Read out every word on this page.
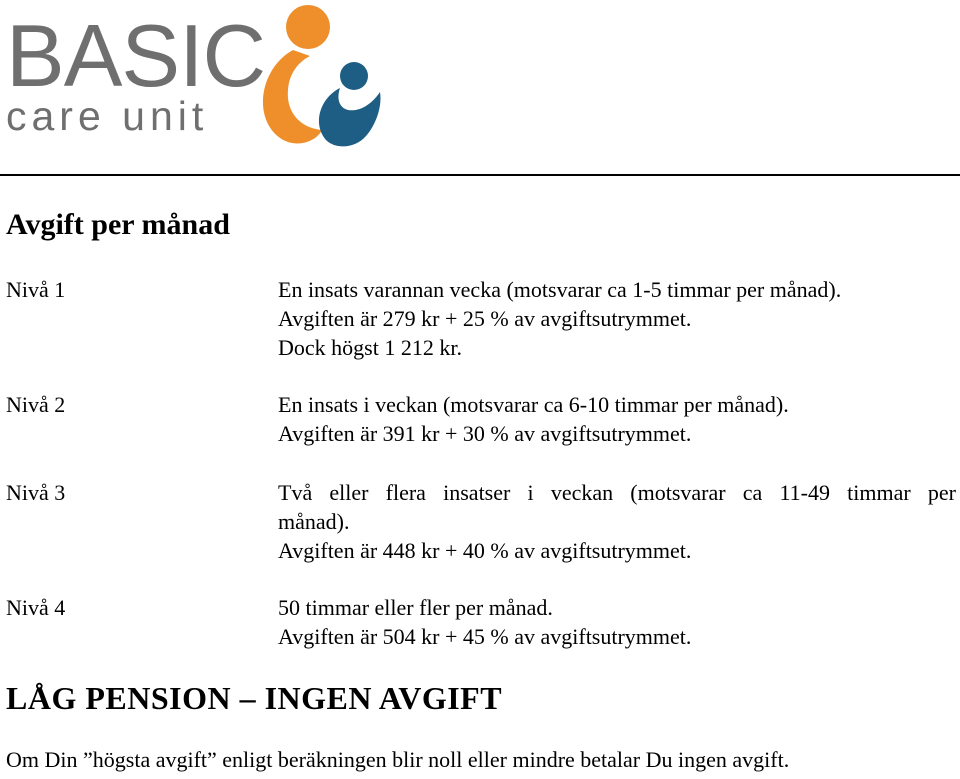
BASIC
care unit
Avgift per månad
Nivå 1	En insats varannan vecka (motsvarar ca 1-5 timmar per månad).
Avgiften är 279 kr + 25 % av avgiftsutrymmet.
Dock högst 1 212 kr.
Nivå 2	En insats i veckan (motsvarar ca 6-10 timmar per månad).
Avgiften är 391 kr + 30 % av avgiftsutrymmet.
Nivå 3	Två eller flera insatser i veckan (motsvarar ca 11-49 timmar per
månad).
Avgiften är 448 kr + 40 % av avgiftsutrymmet.
Nivå 4	50 timmar eller fler per månad.
Avgiften är 504 kr + 45 % av avgiftsutrymmet.
LÅG PENSION – INGEN AVGIFT

Om Din ”högsta avgift” enligt beräkningen blir noll eller mindre betalar Du ingen avgift.
